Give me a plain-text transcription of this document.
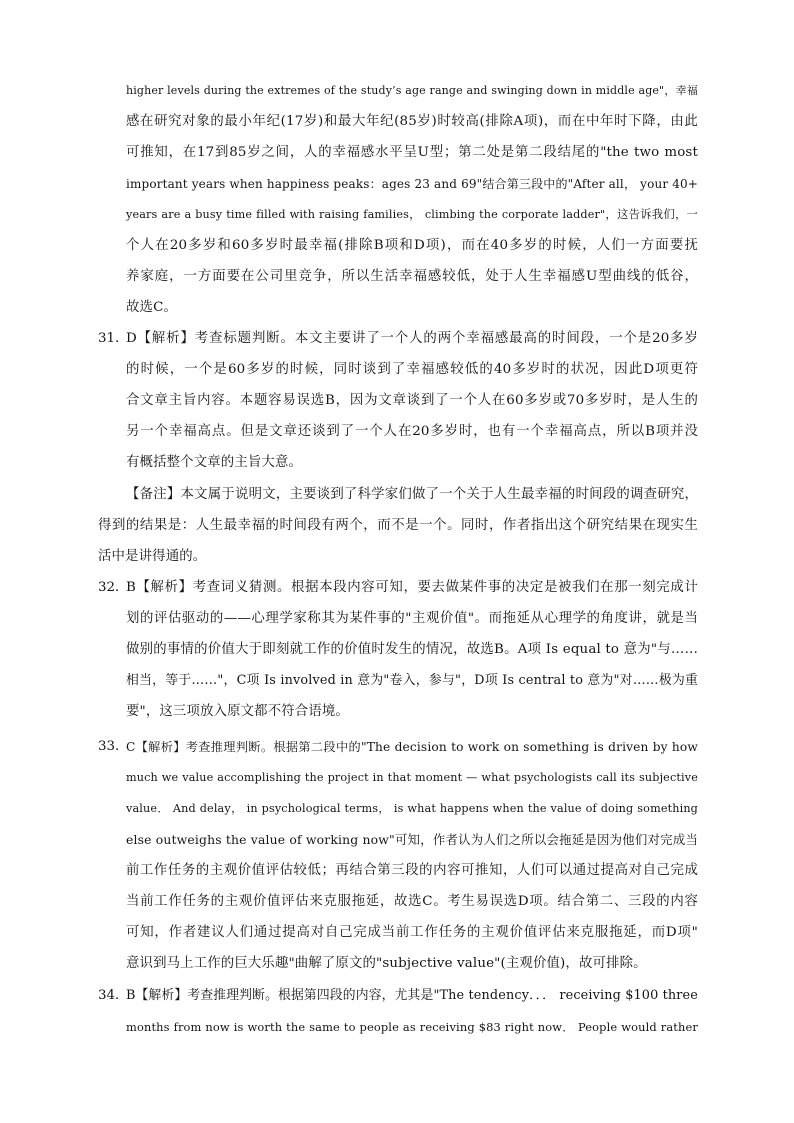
higher levels during the extremes of the study’s age range and swinging down in middle age"，幸福
感在研究对象的最小年纪(17岁)和最大年纪(85岁)时较高(排除A项)，而在中年时下降，由此
可推知，在17到85岁之间，人的幸福感水平呈U型；第二处是第二段结尾的"the two most
important years when happiness peaks：ages 23 and 69"结合第三段中的"After all， your 40+
years are a busy time filled with raising families， climbing the corporate ladder"，这告诉我们，一
个人在20多岁和60多岁时最幸福(排除B项和D项)，而在40多岁的时候，人们一方面要抚
养家庭，一方面要在公司里竞争，所以生活幸福感较低，处于人生幸福感U型曲线的低谷，
故选C。
31．
D【解析】考查标题判断。本文主要讲了一个人的两个幸福感最高的时间段，一个是20多岁
的时候，一个是60多岁的时候，同时谈到了幸福感较低的40多岁时的状况，因此D项更符
合文章主旨内容。本题容易误选B，因为文章谈到了一个人在60多岁或70多岁时，是人生的
另一个幸福高点。但是文章还谈到了一个人在20多岁时，也有一个幸福高点，所以B项并没
有概括整个文章的主旨大意。
【备注】本文属于说明文，主要谈到了科学家们做了一个关于人生最幸福的时间段的调查研究，
得到的结果是：人生最幸福的时间段有两个，而不是一个。同时，作者指出这个研究结果在现实生
活中是讲得通的。
32．
B【解析】考查词义猜测。根据本段内容可知，要去做某件事的决定是被我们在那一刻完成计
划的评估驱动的——心理学家称其为某件事的"主观价值"。而拖延从心理学的角度讲，就是当
做别的事情的价值大于即刻就工作的价值时发生的情况，故选B。A项 Is equal to 意为"与……
相当，等于……"，C项 Is involved in 意为"卷入，参与"，D项 Is central to 意为"对……极为重
要"，这三项放入原文都不符合语境。
33．
C【解析】考查推理判断。根据第二段中的"The decision to work on something is driven by how
much we value accomplishing the project in that moment — what psychologists call its subjective
value． And delay， in psychological terms， is what happens when the value of doing something
else outweighs the value of working now"可知，作者认为人们之所以会拖延是因为他们对完成当
前工作任务的主观价值评估较低；再结合第三段的内容可推知，人们可以通过提高对自己完成
当前工作任务的主观价值评估来克服拖延，故选C。考生易误选D项。结合第二、三段的内容
可知，作者建议人们通过提高对自己完成当前工作任务的主观价值评估来克服拖延，而D项"
意识到马上工作的巨大乐趣"曲解了原文的"subjective value"(主观价值)，故可排除。
34．
B【解析】考查推理判断。根据第四段的内容，尤其是"The tendency．．． receiving $100 three
months from now is worth the same to people as receiving $83 right now． People would rather
